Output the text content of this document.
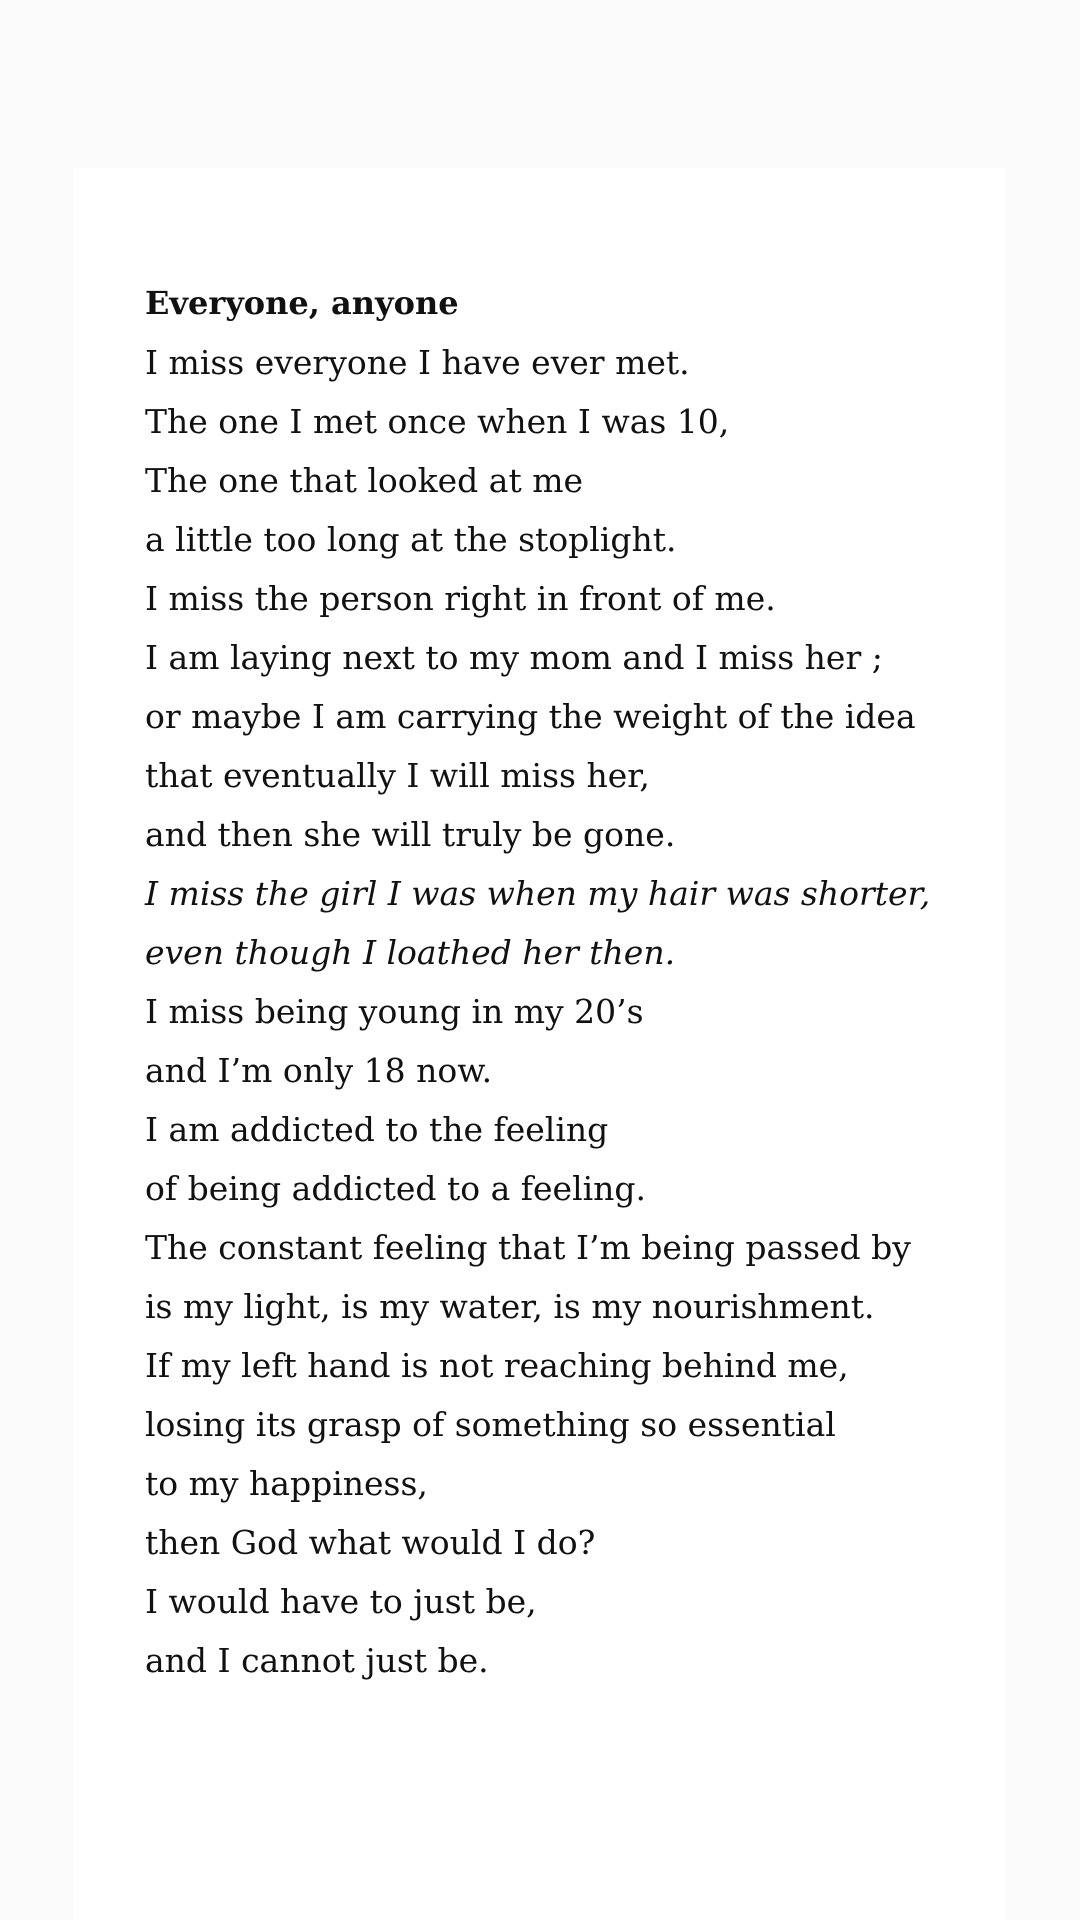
Everyone, anyone
I miss everyone I have ever met.
The one I met once when I was 10,
The one that looked at me
a little too long at the stoplight.
I miss the person right in front of me.
I am laying next to my mom and I miss her ;
or maybe I am carrying the weight of the idea
that eventually I will miss her,
and then she will truly be gone.
I miss the girl I was when my hair was shorter,
even though I loathed her then.
I miss being young in my 20’s
and I’m only 18 now.
I am addicted to the feeling
of being addicted to a feeling.
The constant feeling that I’m being passed by
is my light, is my water, is my nourishment.
If my left hand is not reaching behind me,
losing its grasp of something so essential
to my happiness,
then God what would I do?
I would have to just be,
and I cannot just be.
